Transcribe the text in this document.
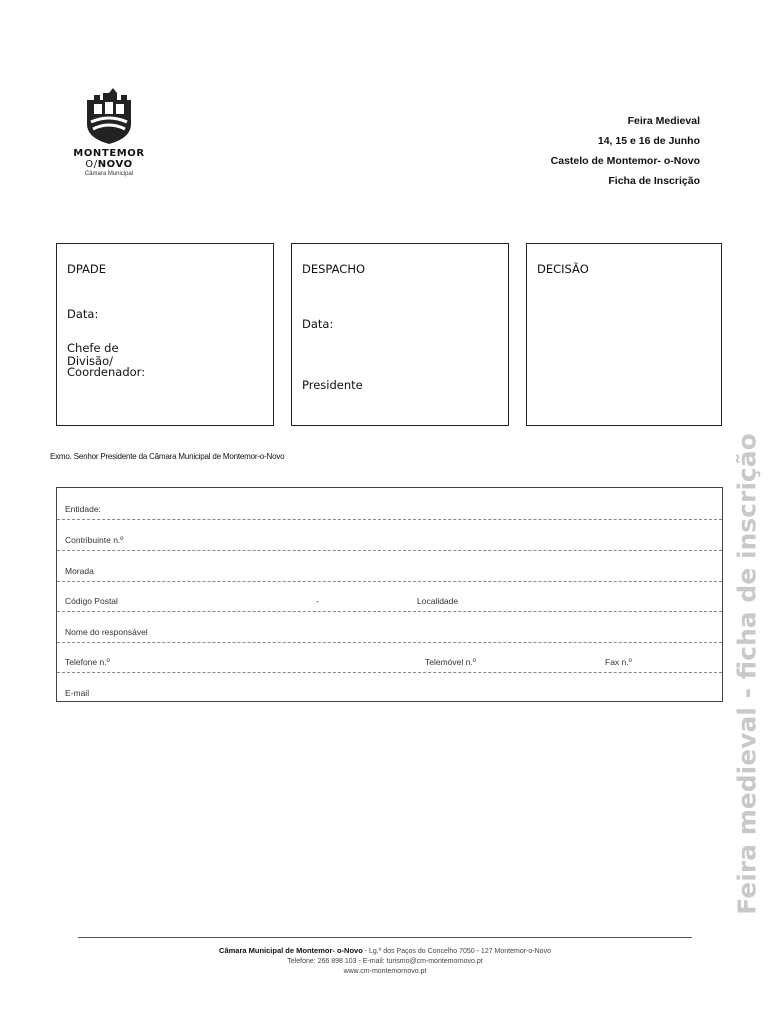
MONTEMOR
O/NOVO
Câmara Municipal
Feira Medieval
14, 15 e 16 de Junho
Castelo de Montemor- o-Novo
Ficha de Inscrição
DPADE
Data:
Chefe de
Divisão/
Coordenador:
DESPACHO
Data:
Presidente
DECISÃO
Exmo. Senhor Presidente da Câmara Municipal de Montemor-o-Novo
Entidade:
Contribuinte n.º
Morada
Código Postal	-	Localidade
Nome do responsável
Telefone n.º	Telemóvel n.º	Fax n.º
E-mail	Feira medieval - ficha de inscrição
Câmara Municipal de Montemor- o-Novo - Lg.º dos Paços do Concelho 7050 - 127 Montemor-o-Novo
Telefone: 266 898 103 - E-mail: turismo@cm-montemornovo.pt
www.cm-montemornovo.pt
